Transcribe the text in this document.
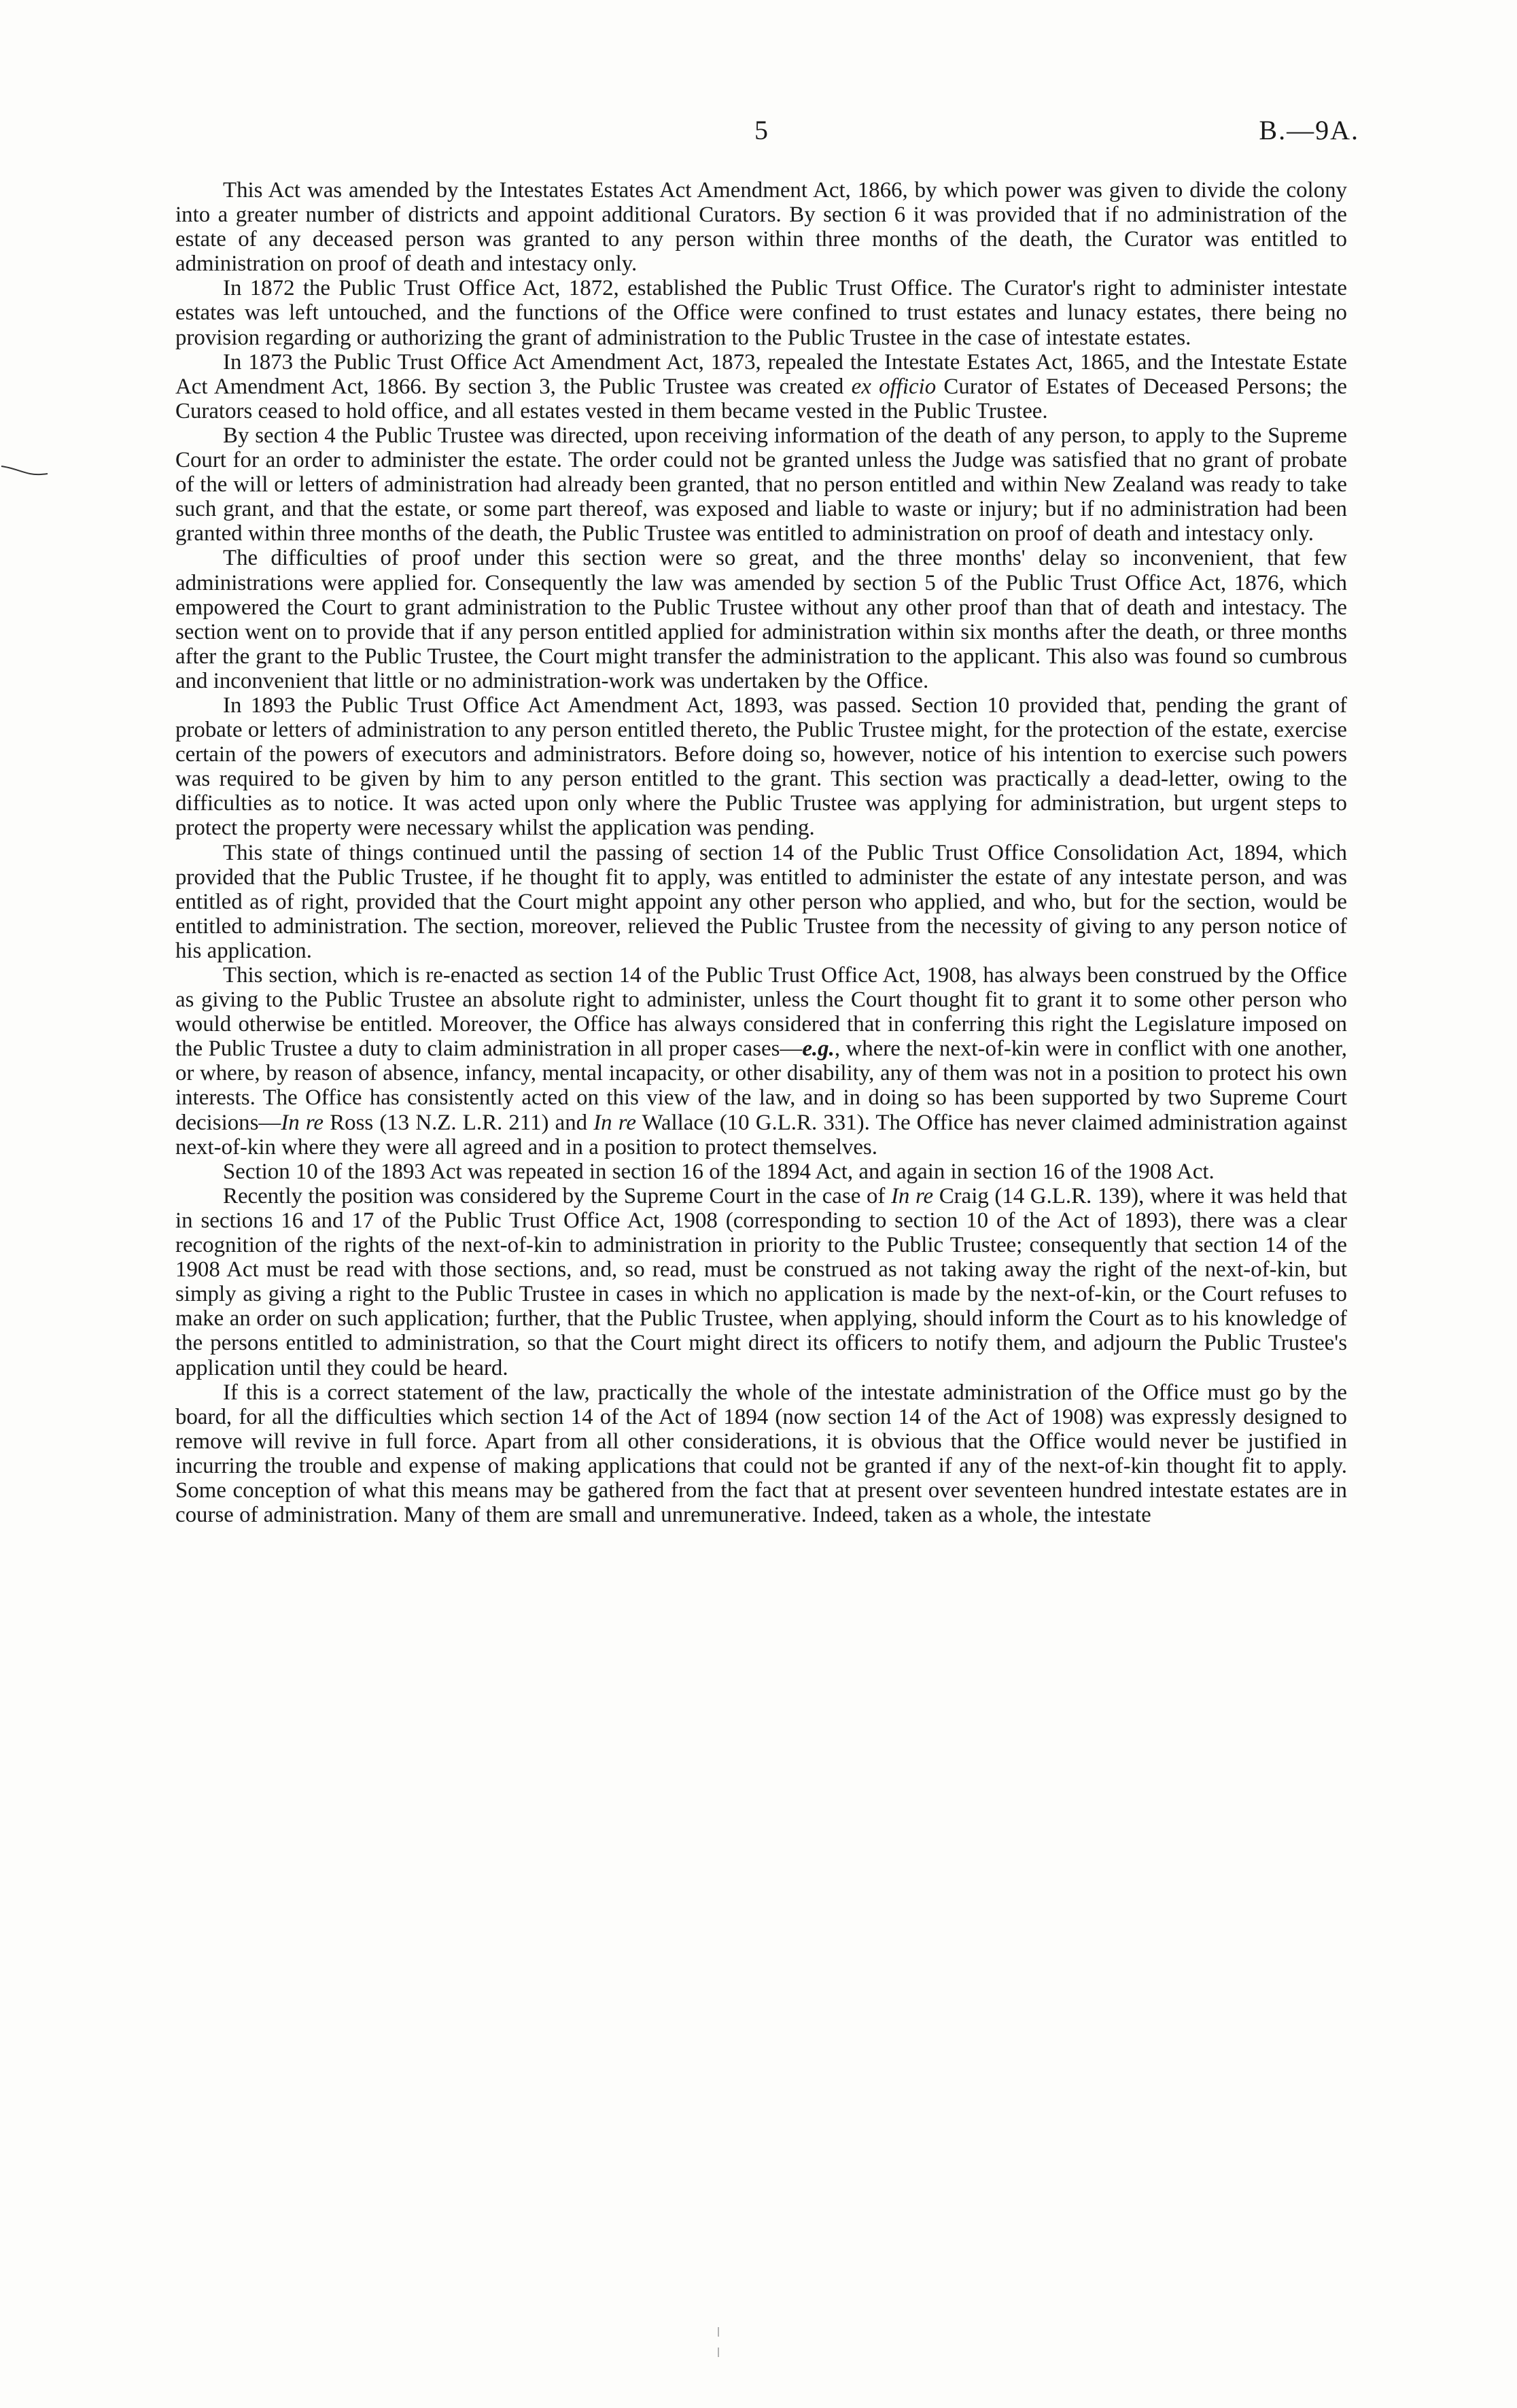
5	B.—9A.

This Act was amended by the Intestates Estates Act Amendment Act, 1866, by which power was given to divide the colony into a greater number of districts and appoint additional Curators. By section 6 it was provided that if no administration of the estate of any deceased person was granted to any person within three months of the death, the Curator was entitled to administration on proof of death and intestacy only.

In 1872 the Public Trust Office Act, 1872, established the Public Trust Office. The Curator's right to administer intestate estates was left untouched, and the functions of the Office were confined to trust estates and lunacy estates, there being no provision regarding or authorizing the grant of administration to the Public Trustee in the case of intestate estates.

In 1873 the Public Trust Office Act Amendment Act, 1873, repealed the Intestate Estates Act, 1865, and the Intestate Estate Act Amendment Act, 1866. By section 3, the Public Trustee was created ex officio Curator of Estates of Deceased Persons; the Curators ceased to hold office, and all estates vested in them became vested in the Public Trustee.

By section 4 the Public Trustee was directed, upon receiving information of the death of any person, to apply to the Supreme Court for an order to administer the estate. The order could not be granted unless the Judge was satisfied that no grant of probate of the will or letters of administration had already been granted, that no person entitled and within New Zealand was ready to take such grant, and that the estate, or some part thereof, was exposed and liable to waste or injury; but if no administration had been granted within three months of the death, the Public Trustee was entitled to administration on proof of death and intestacy only.

The difficulties of proof under this section were so great, and the three months' delay so inconvenient, that few administrations were applied for. Consequently the law was amended by section 5 of the Public Trust Office Act, 1876, which empowered the Court to grant administration to the Public Trustee without any other proof than that of death and intestacy. The section went on to provide that if any person entitled applied for administration within six months after the death, or three months after the grant to the Public Trustee, the Court might transfer the administration to the applicant. This also was found so cumbrous and inconvenient that little or no administration-work was undertaken by the Office.

In 1893 the Public Trust Office Act Amendment Act, 1893, was passed. Section 10 provided that, pending the grant of probate or letters of administration to any person entitled thereto, the Public Trustee might, for the protection of the estate, exercise certain of the powers of executors and administrators. Before doing so, however, notice of his intention to exercise such powers was required to be given by him to any person entitled to the grant. This section was practically a dead-letter, owing to the difficulties as to notice. It was acted upon only where the Public Trustee was applying for administration, but urgent steps to protect the property were necessary whilst the application was pending.

This state of things continued until the passing of section 14 of the Public Trust Office Consolidation Act, 1894, which provided that the Public Trustee, if he thought fit to apply, was entitled to administer the estate of any intestate person, and was entitled as of right, provided that the Court might appoint any other person who applied, and who, but for the section, would be entitled to administration. The section, moreover, relieved the Public Trustee from the necessity of giving to any person notice of his application.

This section, which is re-enacted as section 14 of the Public Trust Office Act, 1908, has always been construed by the Office as giving to the Public Trustee an absolute right to administer, unless the Court thought fit to grant it to some other person who would otherwise be entitled. Moreover, the Office has always considered that in conferring this right the Legislature imposed on the Public Trustee a duty to claim administration in all proper cases—e.g., where the next-of-kin were in conflict with one another, or where, by reason of absence, infancy, mental incapacity, or other disability, any of them was not in a position to protect his own interests. The Office has consistently acted on this view of the law, and in doing so has been supported by two Supreme Court decisions—In re Ross (13 N.Z. L.R. 211) and In re Wallace (10 G.L.R. 331). The Office has never claimed administration against next-of-kin where they were all agreed and in a position to protect themselves.

Section 10 of the 1893 Act was repeated in section 16 of the 1894 Act, and again in section 16 of the 1908 Act.

Recently the position was considered by the Supreme Court in the case of In re Craig (14 G.L.R. 139), where it was held that in sections 16 and 17 of the Public Trust Office Act, 1908 (corresponding to section 10 of the Act of 1893), there was a clear recognition of the rights of the next-of-kin to administration in priority to the Public Trustee; consequently that section 14 of the 1908 Act must be read with those sections, and, so read, must be construed as not taking away the right of the next-of-kin, but simply as giving a right to the Public Trustee in cases in which no application is made by the next-of-kin, or the Court refuses to make an order on such application; further, that the Public Trustee, when applying, should inform the Court as to his knowledge of the persons entitled to administration, so that the Court might direct its officers to notify them, and adjourn the Public Trustee's application until they could be heard.

If this is a correct statement of the law, practically the whole of the intestate administration of the Office must go by the board, for all the difficulties which section 14 of the Act of 1894 (now section 14 of the Act of 1908) was expressly designed to remove will revive in full force. Apart from all other considerations, it is obvious that the Office would never be justified in incurring the trouble and expense of making applications that could not be granted if any of the next-of-kin thought fit to apply. Some conception of what this means may be gathered from the fact that at present over seventeen hundred intestate estates are in course of administration. Many of them are small and unremunerative. Indeed, taken as a whole, the intestate
